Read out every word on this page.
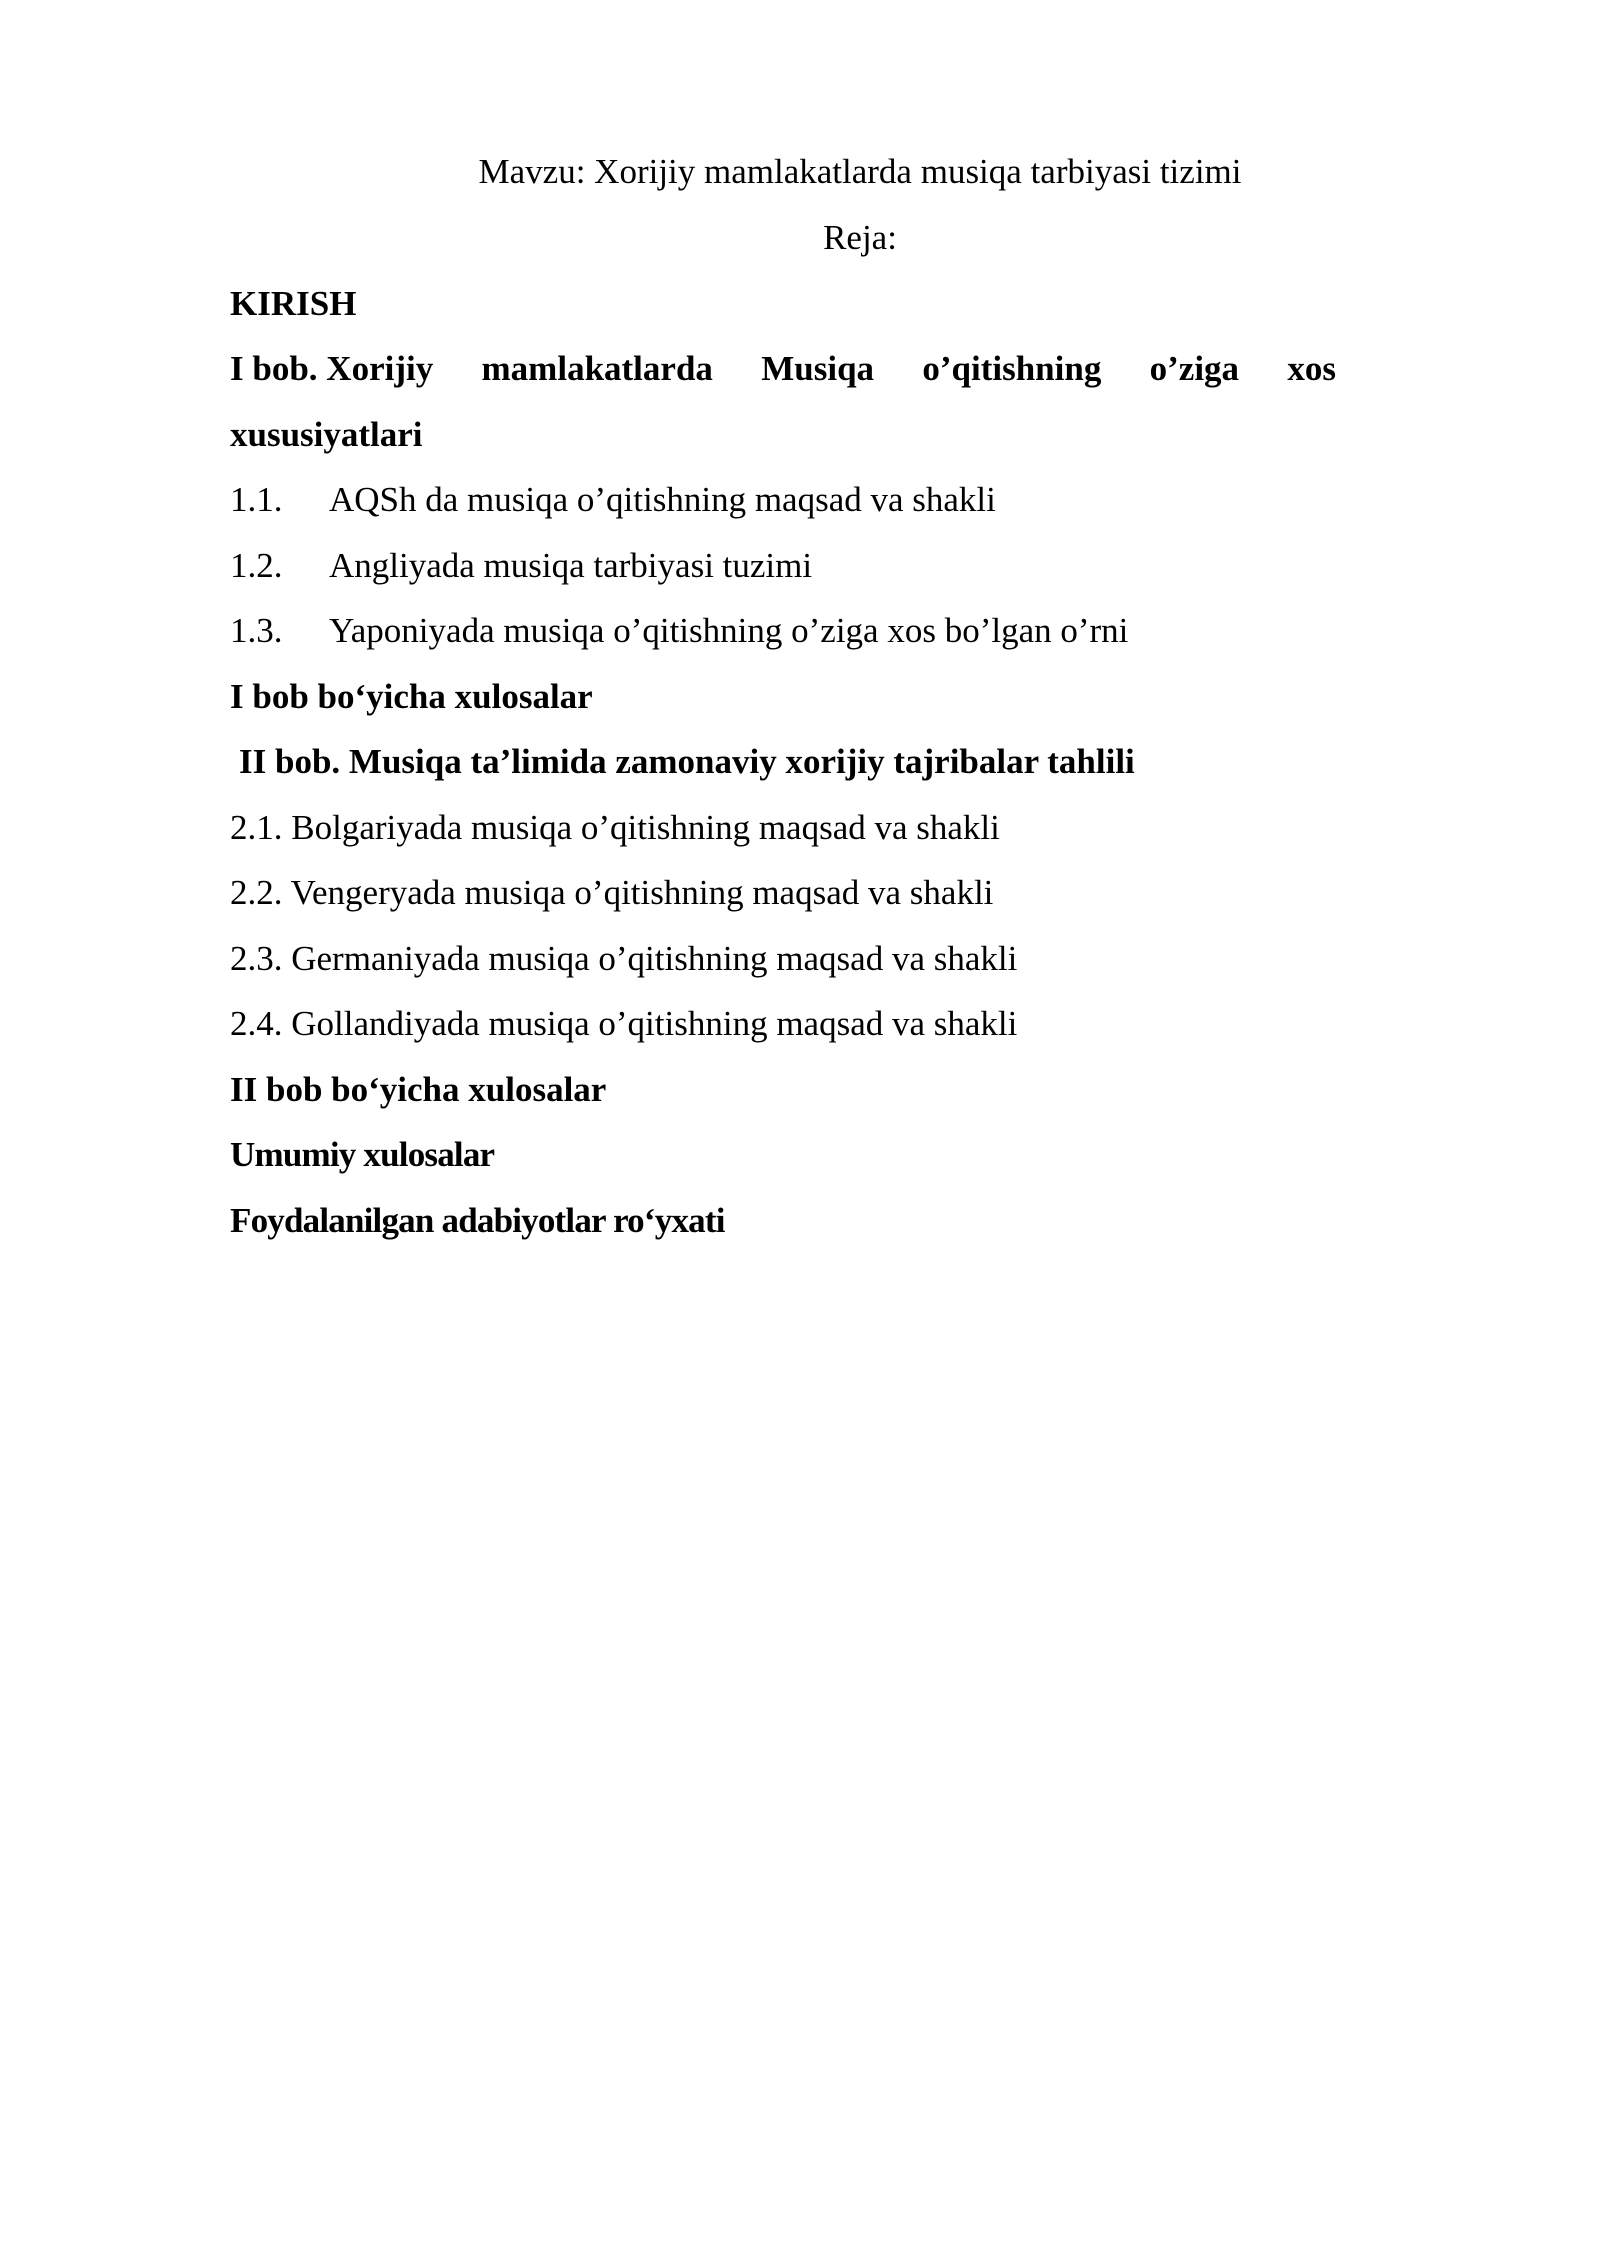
Mavzu: Xorijiy mamlakatlarda musiqa tarbiyasi tizimi
Reja:
KIRISH
I bob. Xorijiy mamlakatlarda Musiqa o’qitishning o’ziga xos
xususiyatlari
1.1. AQSh da musiqa o’qitishning maqsad va shakli
1.2. Angliyada musiqa tarbiyasi tuzimi
1.3. Yaponiyada musiqa o’qitishning o’ziga xos bo’lgan o’rni
I bob bo‘yicha xulosalar
II bob. Musiqa ta’limida zamonaviy xorijiy tajribalar tahlili
2.1. Bolgariyada musiqa o’qitishning maqsad va shakli
2.2. Vengeryada musiqa o’qitishning maqsad va shakli
2.3. Germaniyada musiqa o’qitishning maqsad va shakli
2.4. Gollandiyada musiqa o’qitishning maqsad va shakli
II bob bo‘yicha xulosalar
Umumiy xulosalar
Foydalanilgan adabiyotlar ro‘yxati
